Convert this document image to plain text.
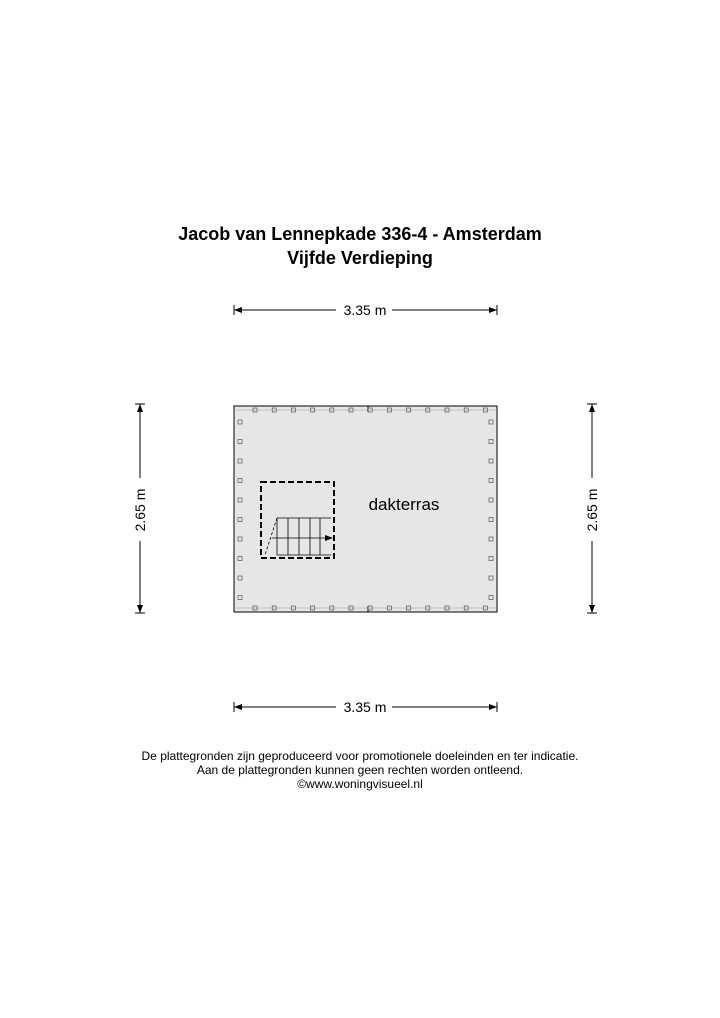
Jacob van Lennepkade 336-4 - Amsterdam
Vijfde Verdieping
3.35 m
3.35 m
2.65 m	2.65 m
dakterras
De plattegronden zijn geproduceerd voor promotionele doeleinden en ter indicatie.
Aan de plattegronden kunnen geen rechten worden ontleend.
©www.woningvisueel.nl
